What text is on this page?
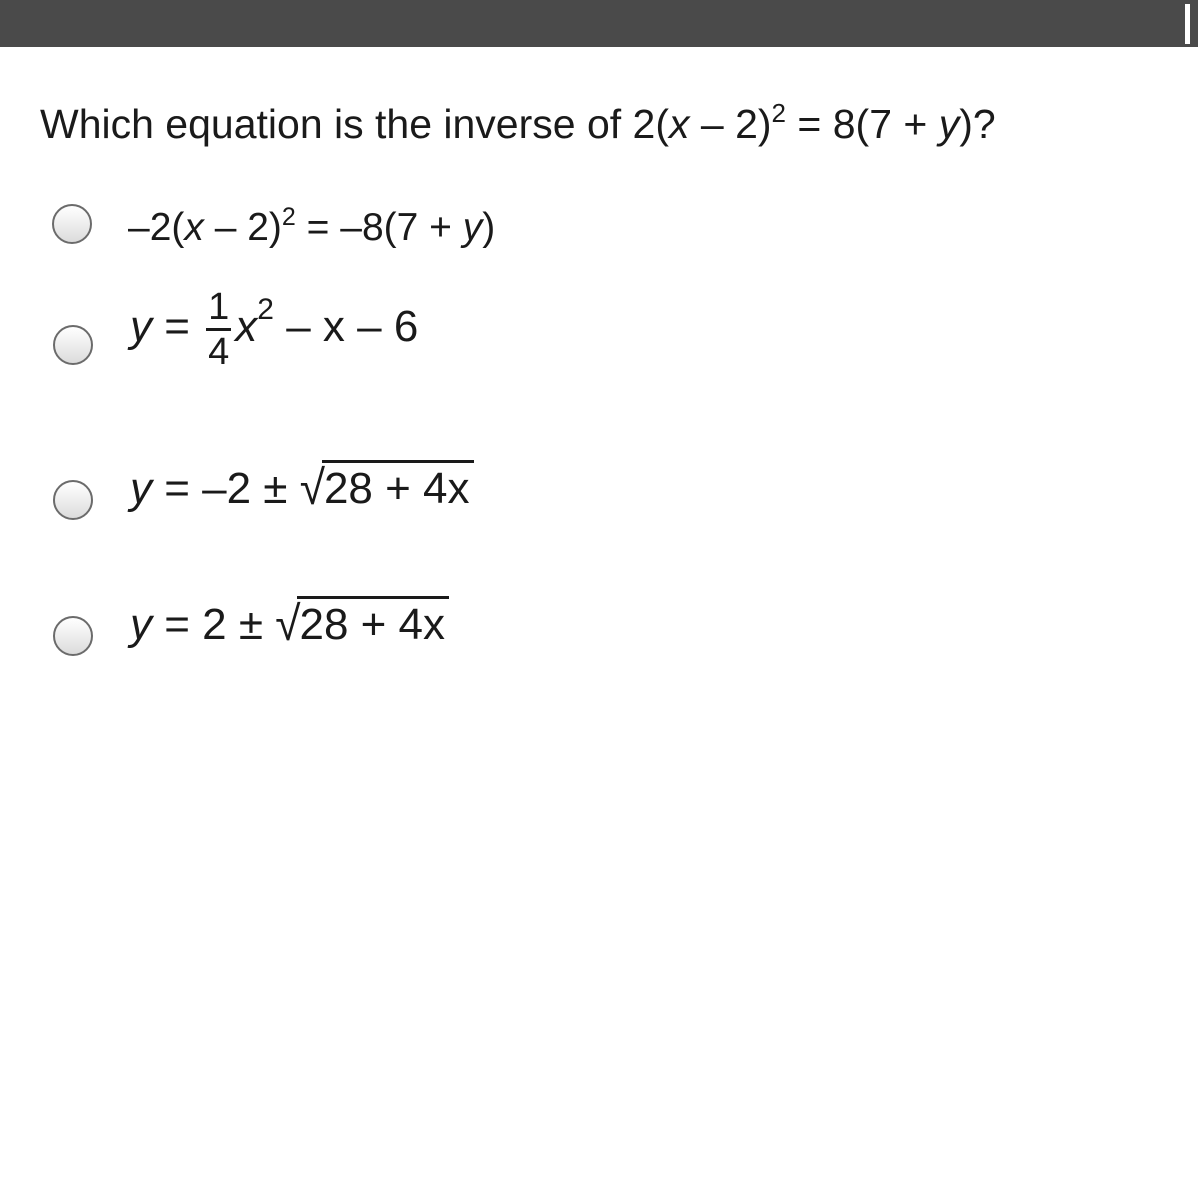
Which equation is the inverse of 2(x – 2)$^2$ = 8(7 + y)?
–2(x – 2)$^2$ = –8(7 + y)
$y = \frac{1}{4} x^2 - x - 6$
y = –2 ± √28 + 4x
y = 2 ± √28 + 4x
